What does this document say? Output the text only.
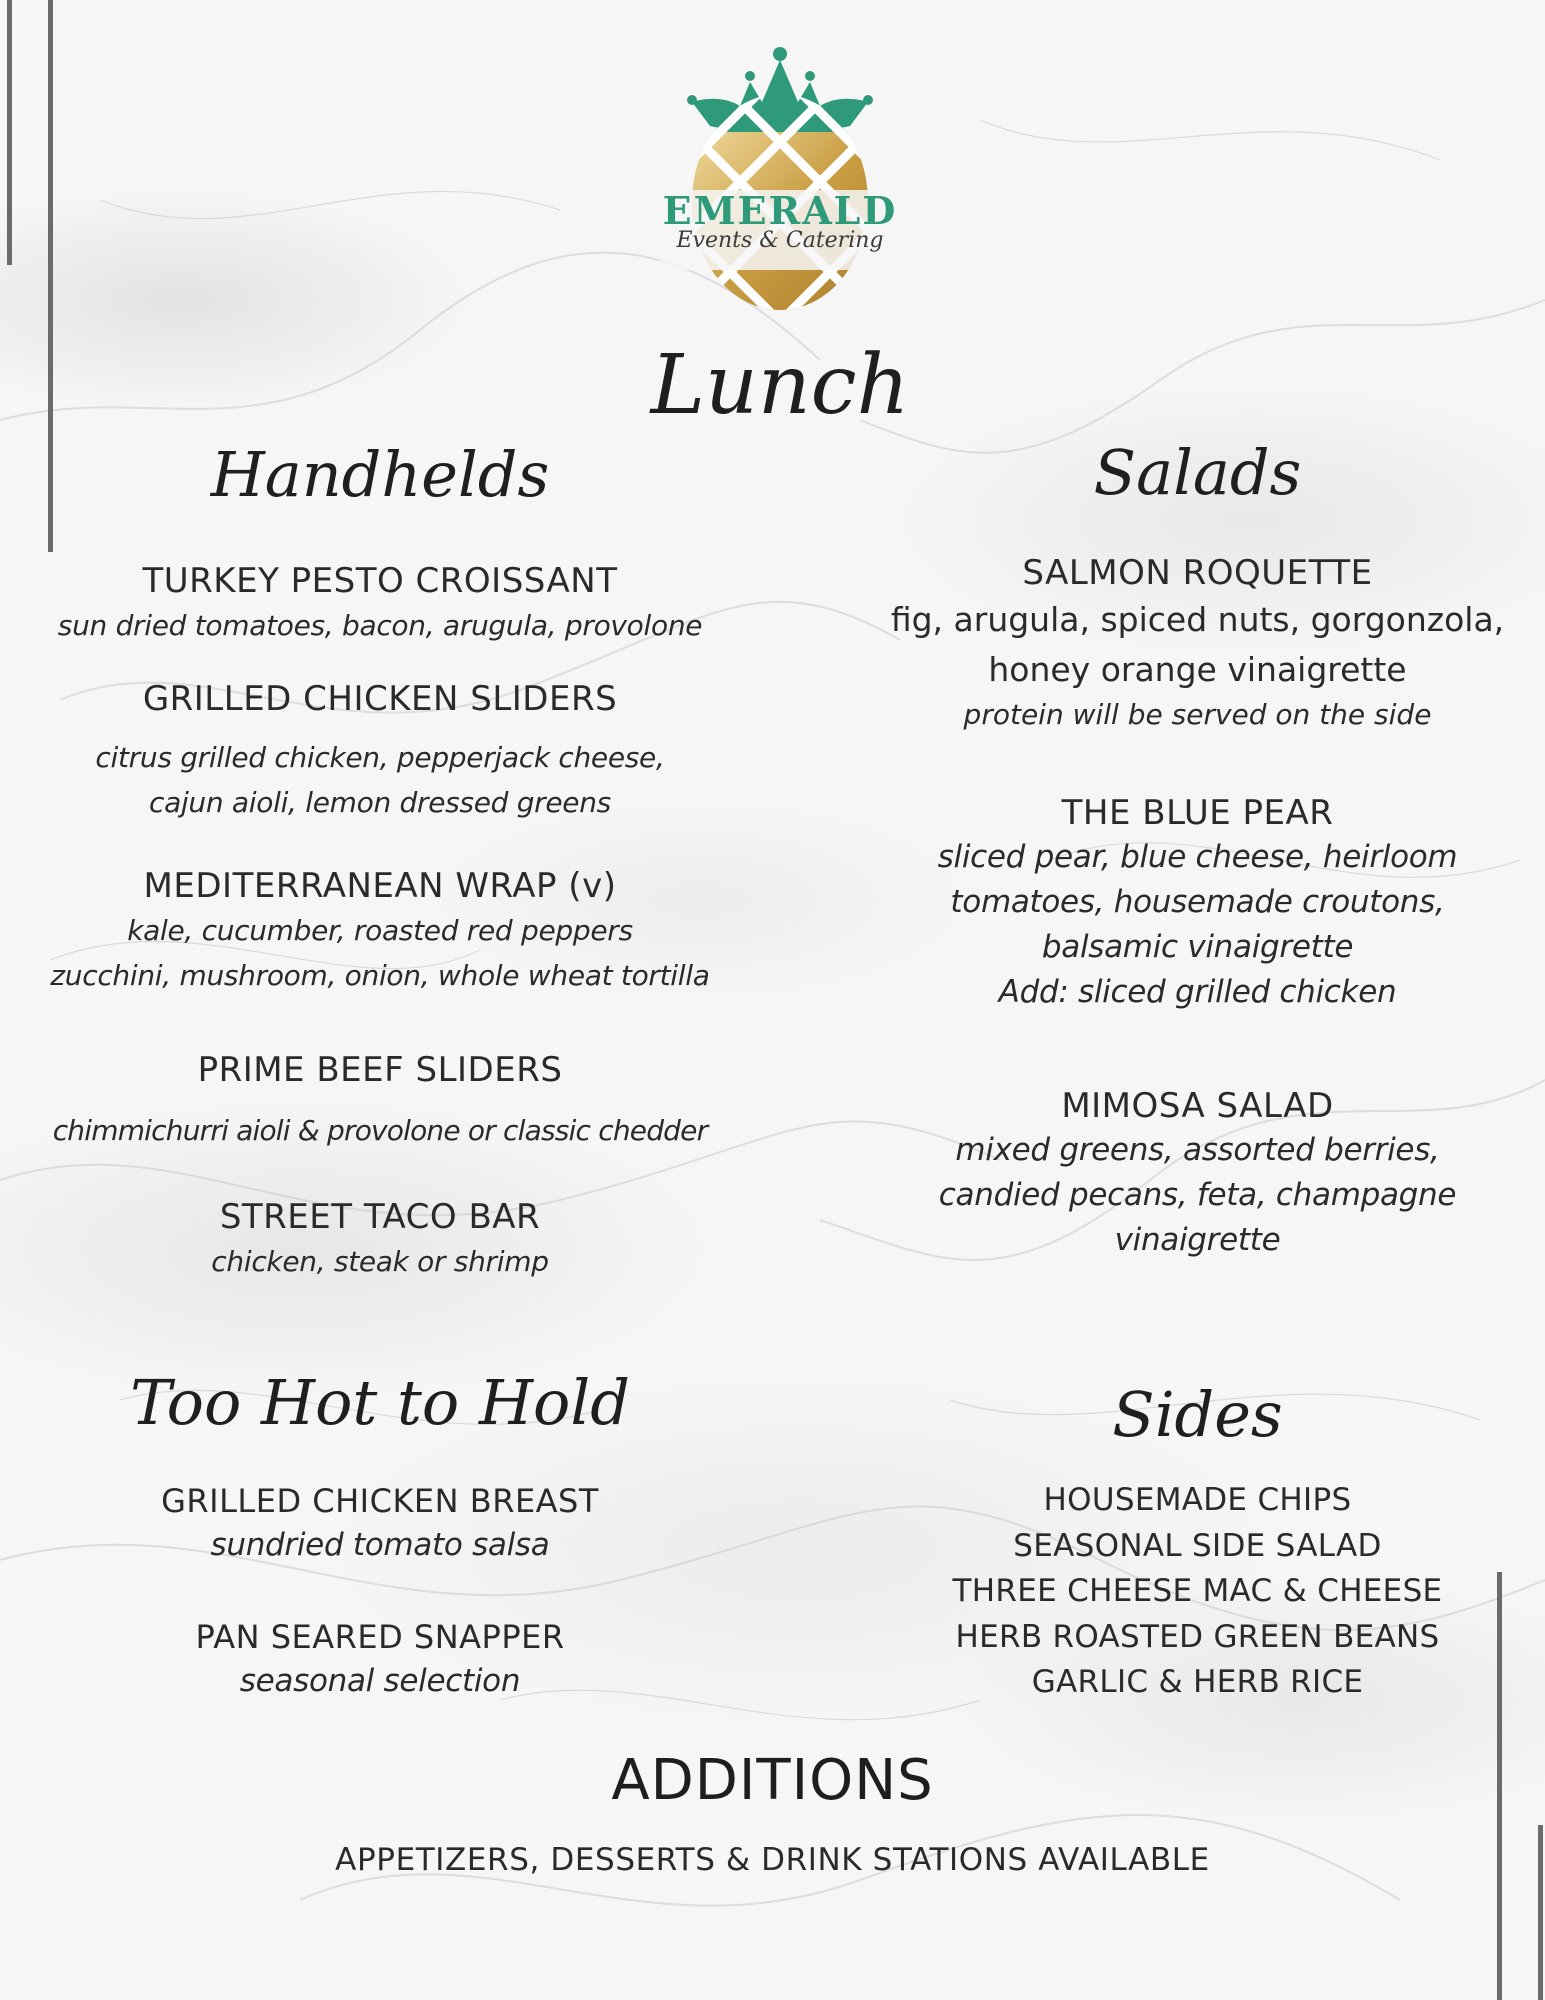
EMERALD
Events & Catering
Lunch
Handhelds
TURKEY PESTO CROISSANT
sun dried tomatoes, bacon, arugula, provolone
GRILLED CHICKEN SLIDERS
citrus grilled chicken, pepperjack cheese,
cajun aioli, lemon dressed greens
MEDITERRANEAN WRAP (v)
kale, cucumber, roasted red peppers
zucchini, mushroom, onion, whole wheat tortilla
PRIME BEEF SLIDERS
chimmichurri aioli & provolone or classic chedder
STREET TACO BAR
chicken, steak or shrimp
Salads
SALMON ROQUETTE
fig, arugula, spiced nuts, gorgonzola,
honey orange vinaigrette
protein will be served on the side
THE BLUE PEAR
sliced pear, blue cheese, heirloom
tomatoes, housemade croutons,
balsamic vinaigrette
Add: sliced grilled chicken
MIMOSA SALAD
mixed greens, assorted berries,
candied pecans, feta, champagne
vinaigrette
Too Hot to Hold
GRILLED CHICKEN BREAST
sundried tomato salsa
PAN SEARED SNAPPER
seasonal selection
Sides
HOUSEMADE CHIPS
SEASONAL SIDE SALAD
THREE CHEESE MAC & CHEESE
HERB ROASTED GREEN BEANS
GARLIC & HERB RICE
ADDITIONS
APPETIZERS, DESSERTS & DRINK STATIONS AVAILABLE
